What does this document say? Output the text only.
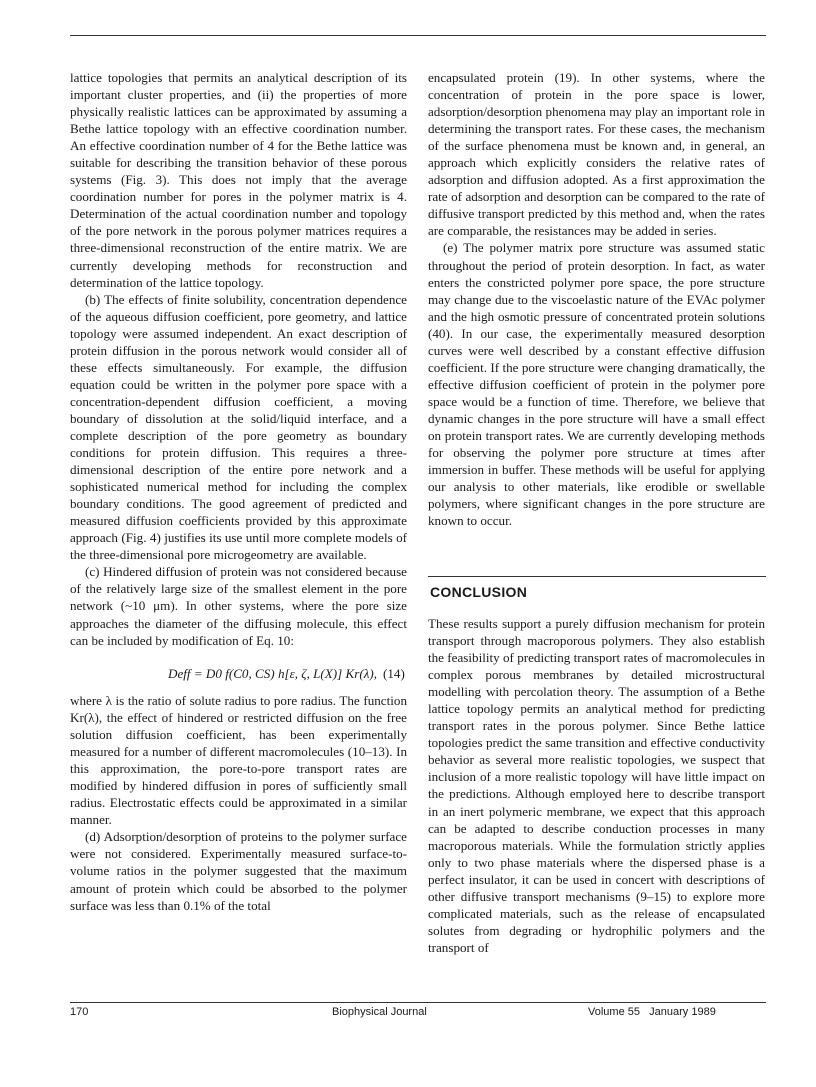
lattice topologies that permits an analytical description of its important cluster properties, and (ii) the properties of more physically realistic lattices can be approximated by assuming a Bethe lattice topology with an effective coordination number. An effective coordination number of 4 for the Bethe lattice was suitable for describing the transition behavior of these porous systems (Fig. 3). This does not imply that the average coordination number for pores in the polymer matrix is 4. Determination of the actual coordination number and topology of the pore network in the porous polymer matrices requires a three-dimensional reconstruction of the entire matrix. We are currently developing methods for reconstruction and determination of the lattice topology.

(b) The effects of finite solubility, concentration dependence of the aqueous diffusion coefficient, pore geometry, and lattice topology were assumed independent. An exact description of protein diffusion in the porous network would consider all of these effects simultaneously. For example, the diffusion equation could be written in the polymer pore space with a concentration-dependent diffusion coefficient, a moving boundary of dissolution at the solid/liquid interface, and a complete description of the pore geometry as boundary conditions for protein diffusion. This requires a three-dimensional description of the entire pore network and a sophisticated numerical method for including the complex boundary conditions. The good agreement of predicted and measured diffusion coefficients provided by this approximate approach (Fig. 4) justifies its use until more complete models of the three-dimensional pore microgeometry are available.

(c) Hindered diffusion of protein was not considered because of the relatively large size of the smallest element in the pore network (~10 μm). In other systems, where the pore size approaches the diameter of the diffusing molecule, this effect can be included by modification of Eq. 10:

Deff = D0 f(C0, CS) h[ε, ζ, L(X)] Kr(λ), (14)

where λ is the ratio of solute radius to pore radius. The function Kr(λ), the effect of hindered or restricted diffusion on the free solution diffusion coefficient, has been experimentally measured for a number of different macromolecules (10–13). In this approximation, the pore-to-pore transport rates are modified by hindered diffusion in pores of sufficiently small radius. Electrostatic effects could be approximated in a similar manner.

(d) Adsorption/desorption of proteins to the polymer surface were not considered. Experimentally measured surface-to-volume ratios in the polymer suggested that the maximum amount of protein which could be absorbed to the polymer surface was less than 0.1% of the total

encapsulated protein (19). In other systems, where the concentration of protein in the pore space is lower, adsorption/desorption phenomena may play an important role in determining the transport rates. For these cases, the mechanism of the surface phenomena must be known and, in general, an approach which explicitly considers the relative rates of adsorption and diffusion adopted. As a first approximation the rate of adsorption and desorption can be compared to the rate of diffusive transport predicted by this method and, when the rates are comparable, the resistances may be added in series.

(e) The polymer matrix pore structure was assumed static throughout the period of protein desorption. In fact, as water enters the constricted polymer pore space, the pore structure may change due to the viscoelastic nature of the EVAc polymer and the high osmotic pressure of concentrated protein solutions (40). In our case, the experimentally measured desorption curves were well described by a constant effective diffusion coefficient. If the pore structure were changing dramatically, the effective diffusion coefficient of protein in the polymer pore space would be a function of time. Therefore, we believe that dynamic changes in the pore structure will have a small effect on protein transport rates. We are currently developing methods for observing the polymer pore structure at times after immersion in buffer. These methods will be useful for applying our analysis to other materials, like erodible or swellable polymers, where significant changes in the pore structure are known to occur.

CONCLUSION

These results support a purely diffusion mechanism for protein transport through macroporous polymers. They also establish the feasibility of predicting transport rates of macromolecules in complex porous membranes by detailed microstructural modelling with percolation theory. The assumption of a Bethe lattice topology permits an analytical method for predicting transport rates in the porous polymer. Since Bethe lattice topologies predict the same transition and effective conductivity behavior as several more realistic topologies, we suspect that inclusion of a more realistic topology will have little impact on the predictions. Although employed here to describe transport in an inert polymeric membrane, we expect that this approach can be adapted to describe conduction processes in many macroporous materials. While the formulation strictly applies only to two phase materials where the dispersed phase is a perfect insulator, it can be used in concert with descriptions of other diffusive transport mechanisms (9–15) to explore more complicated materials, such as the release of encapsulated solutes from degrading or hydrophilic polymers and the transport of

170	Biophysical Journal	Volume 55   January 1989
